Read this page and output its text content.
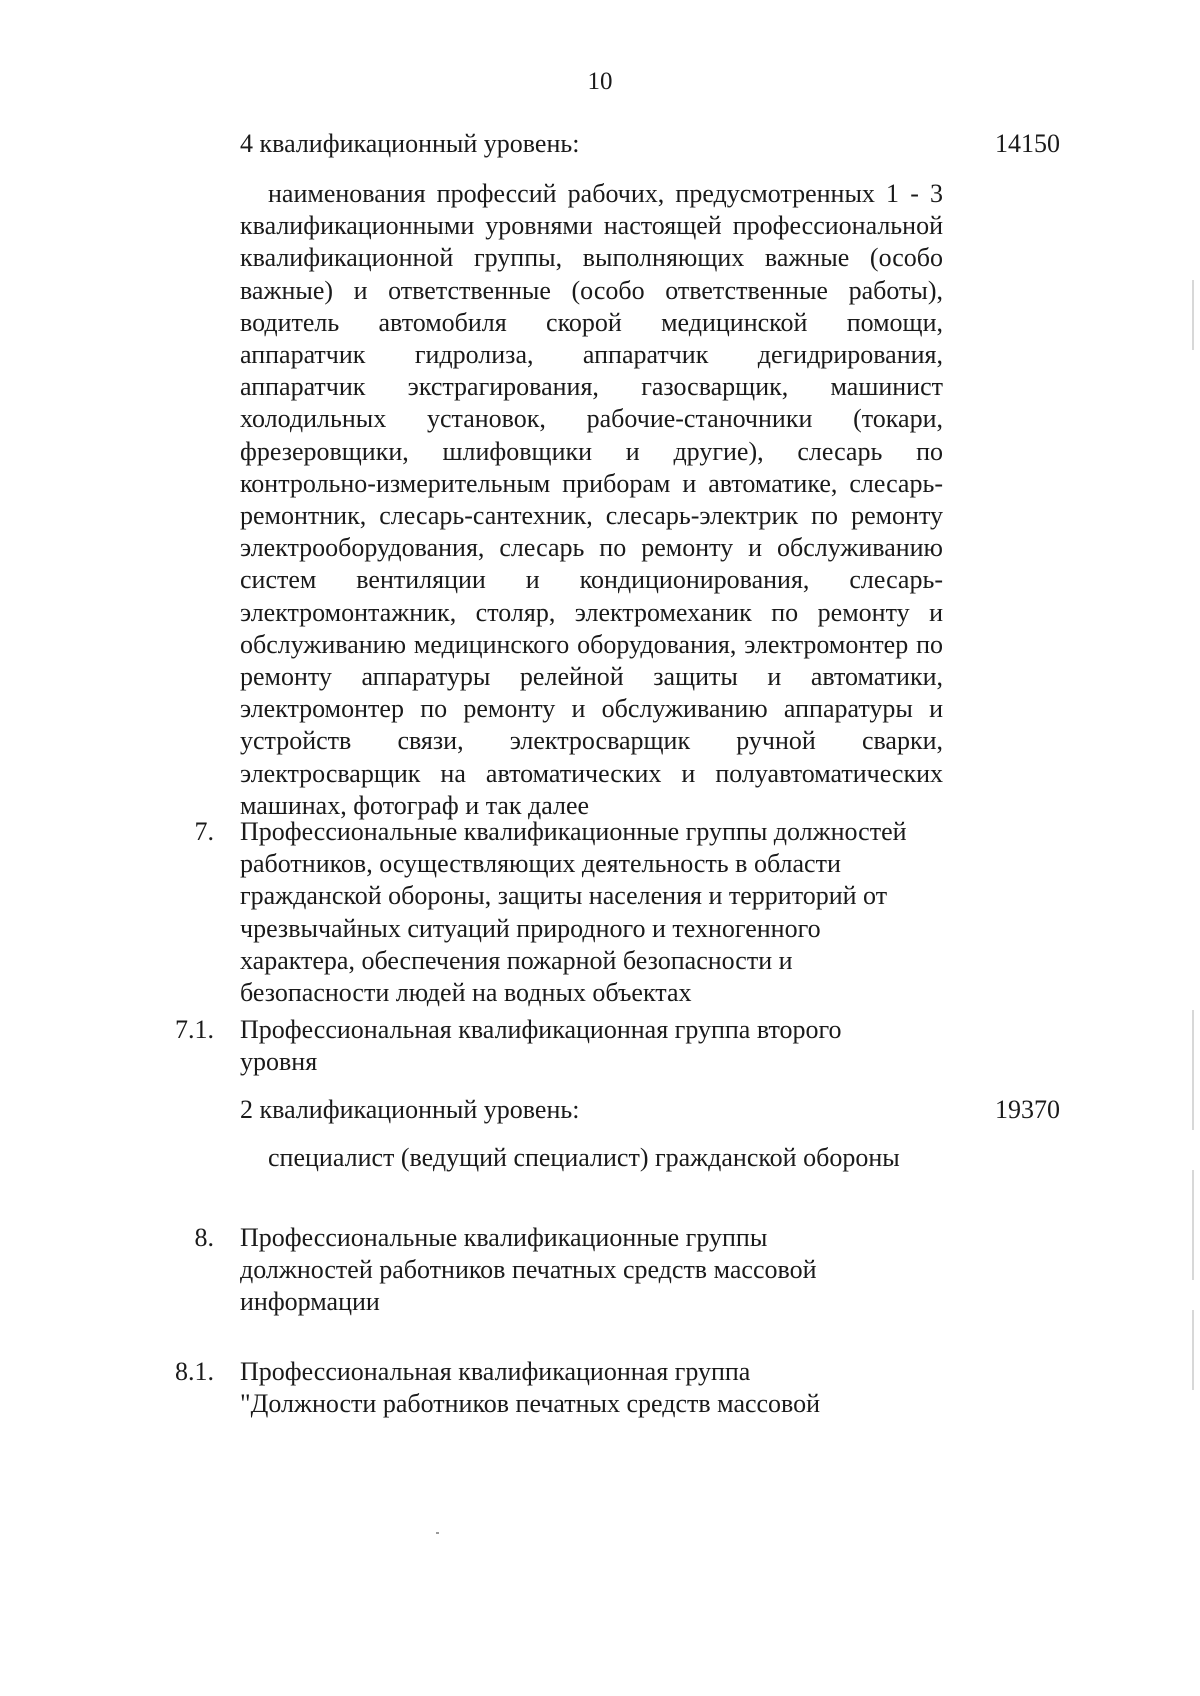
10
4 квалификационный уровень:	14150
наименования профессий рабочих, предусмотренных 1 - 3 квалификационными уровнями настоящей профессиональной квалификационной группы, выполняющих важные (особо важные) и ответственные (особо ответственные работы), водитель автомобиля скорой медицинской помощи, аппаратчик гидролиза, аппаратчик дегидрирования, аппаратчик экстрагирования, газосварщик, машинист холодильных установок, рабочие-станочники (токари, фрезеровщики, шлифовщики и другие), слесарь по контрольно-измерительным приборам и автоматике, слесарь-ремонтник, слесарь-сантехник, слесарь-электрик по ремонту электрооборудования, слесарь по ремонту и обслуживанию систем вентиляции и кондиционирования, слесарь-электромонтажник, столяр, электромеханик по ремонту и обслуживанию медицинского оборудования, электромонтер по ремонту аппаратуры релейной защиты и автоматики, электромонтер по ремонту и обслуживанию аппаратуры и устройств связи, электросварщик ручной сварки, электросварщик на автоматических и полуавтоматических машинах, фотограф и так далее
7. Профессиональные квалификационные группы должностей работников, осуществляющих деятельность в области гражданской обороны, защиты населения и территорий от чрезвычайных ситуаций природного и техногенного характера, обеспечения пожарной безопасности и безопасности людей на водных объектах
7.1. Профессиональная квалификационная группа второго уровня
2 квалификационный уровень:	19370
специалист (ведущий специалист) гражданской обороны
8. Профессиональные квалификационные группы должностей работников печатных средств массовой информации
8.1. Профессиональная квалификационная группа "Должности работников печатных средств массовой
